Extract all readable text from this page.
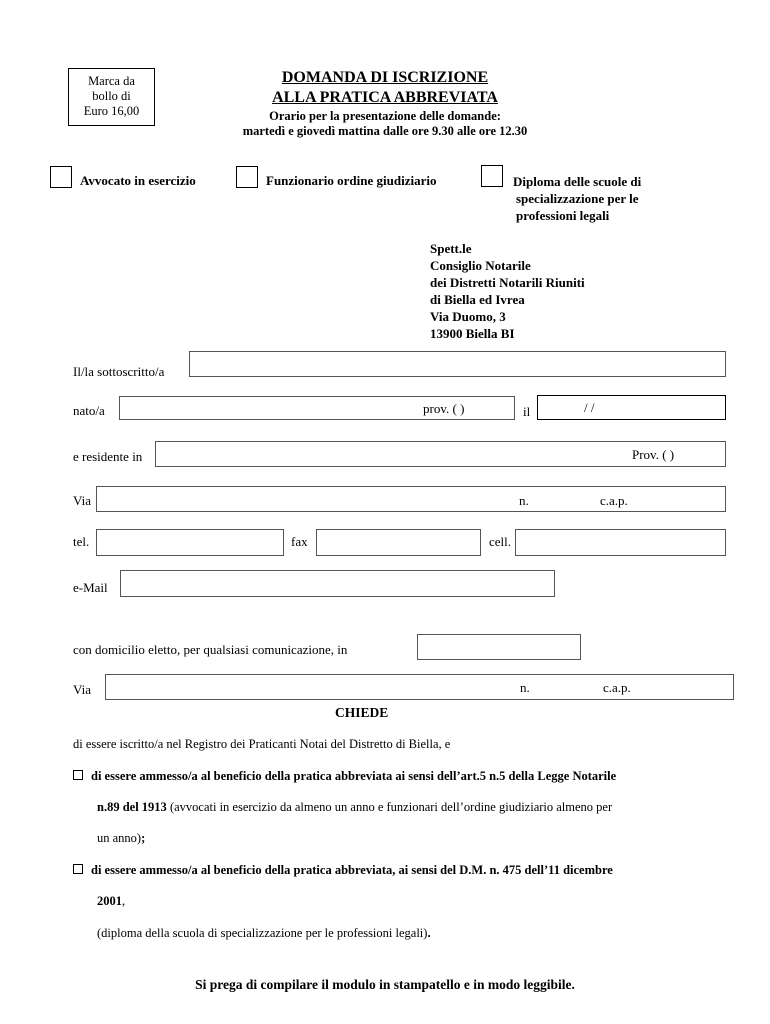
Marca da
bollo di
Euro 16,00
DOMANDA DI ISCRIZIONE
ALLA PRATICA ABBREVIATA
Orario per la presentazione delle domande:
martedì e giovedì mattina dalle ore 9.30 alle ore 12.30
Avvocato in esercizio	Funzionario ordine giudiziario	Diploma delle scuole di
specializzazione per le
professioni legali
Spett.le
Consiglio Notarile
dei Distretti Notarili Riuniti
di Biella ed Ivrea
Via Duomo, 3
13900 Biella BI
Il/la sottoscritto/a
nato/a	prov. ( )	il	/ /
e residente in	Prov. ( )
Via	n.	c.a.p.
tel.	fax	cell.
e-Mail
con domicilio eletto, per qualsiasi comunicazione, in
Via	n.	c.a.p.
CHIEDE
di essere iscritto/a nel Registro dei Praticanti Notai del Distretto di Biella, e
di essere ammesso/a al beneficio della pratica abbreviata ai sensi dell’art.5 n.5 della Legge Notarile
n.89 del 1913 (avvocati in esercizio da almeno un anno e funzionari dell’ordine giudiziario almeno per
un anno);
di essere ammesso/a al beneficio della pratica abbreviata, ai sensi del D.M. n. 475 dell’11 dicembre
2001,
(diploma della scuola di specializzazione per le professioni legali).
Si prega di compilare il modulo in stampatello e in modo leggibile.
